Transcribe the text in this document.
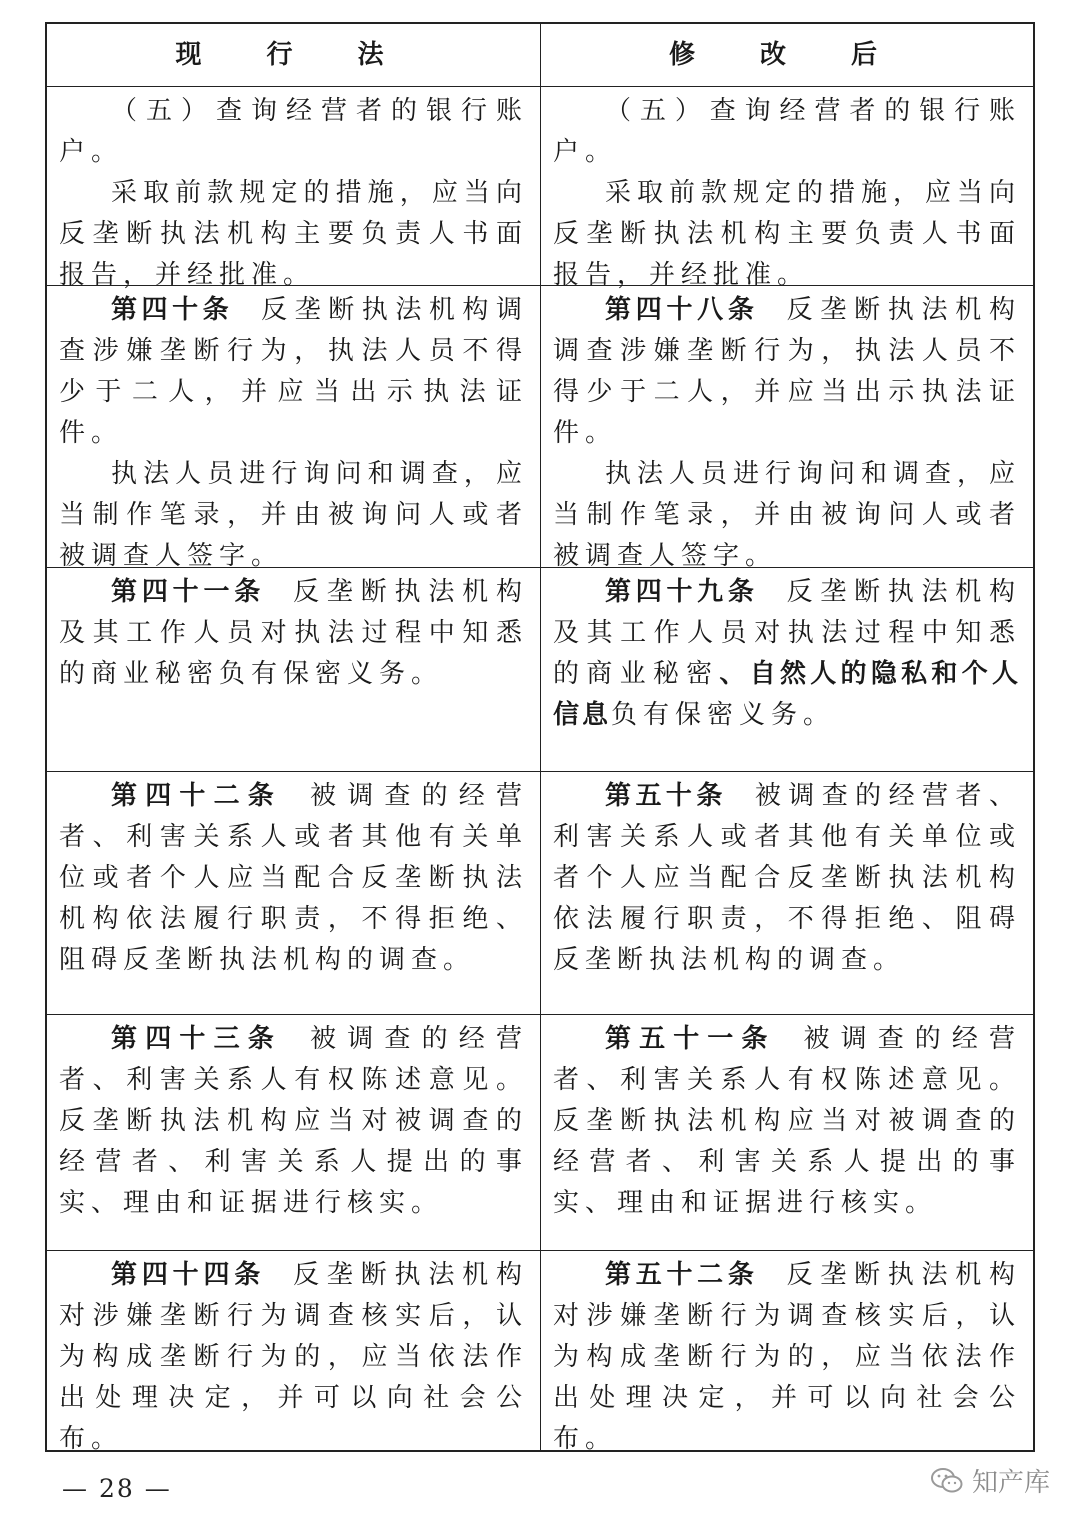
现 行 法	修 改 后

（五）查询经营者的银行账户。

采取前款规定的措施，应当向反垄断执法机构主要负责人书面报告，并经批准。

（五）查询经营者的银行账户。

采取前款规定的措施，应当向反垄断执法机构主要负责人书面报告，并经批准。

第四十条 反垄断执法机构调查涉嫌垄断行为，执法人员不得少于二人，并应当出示执法证件。

执法人员进行询问和调查，应当制作笔录，并由被询问人或者被调查人签字。

第四十八条 反垄断执法机构调查涉嫌垄断行为，执法人员不得少于二人，并应当出示执法证件。

执法人员进行询问和调查，应当制作笔录，并由被询问人或者被调查人签字。

第四十一条 反垄断执法机构及其工作人员对执法过程中知悉的商业秘密负有保密义务。

第四十九条 反垄断执法机构及其工作人员对执法过程中知悉的商业秘密、自然人的隐私和个人信息负有保密义务。

第四十二条 被调查的经营者、利害关系人或者其他有关单位或者个人应当配合反垄断执法机构依法履行职责，不得拒绝、阻碍反垄断执法机构的调查。

第五十条 被调查的经营者、利害关系人或者其他有关单位或者个人应当配合反垄断执法机构依法履行职责，不得拒绝、阻碍反垄断执法机构的调查。

第四十三条 被调查的经营者、利害关系人有权陈述意见。反垄断执法机构应当对被调查的经营者、利害关系人提出的事实、理由和证据进行核实。

第五十一条 被调查的经营者、利害关系人有权陈述意见。反垄断执法机构应当对被调查的经营者、利害关系人提出的事实、理由和证据进行核实。

第四十四条 反垄断执法机构对涉嫌垄断行为调查核实后，认为构成垄断行为的，应当依法作出处理决定，并可以向社会公布。

第五十二条 反垄断执法机构对涉嫌垄断行为调查核实后，认为构成垄断行为的，应当依法作出处理决定，并可以向社会公布。

— 28 —	知产库
